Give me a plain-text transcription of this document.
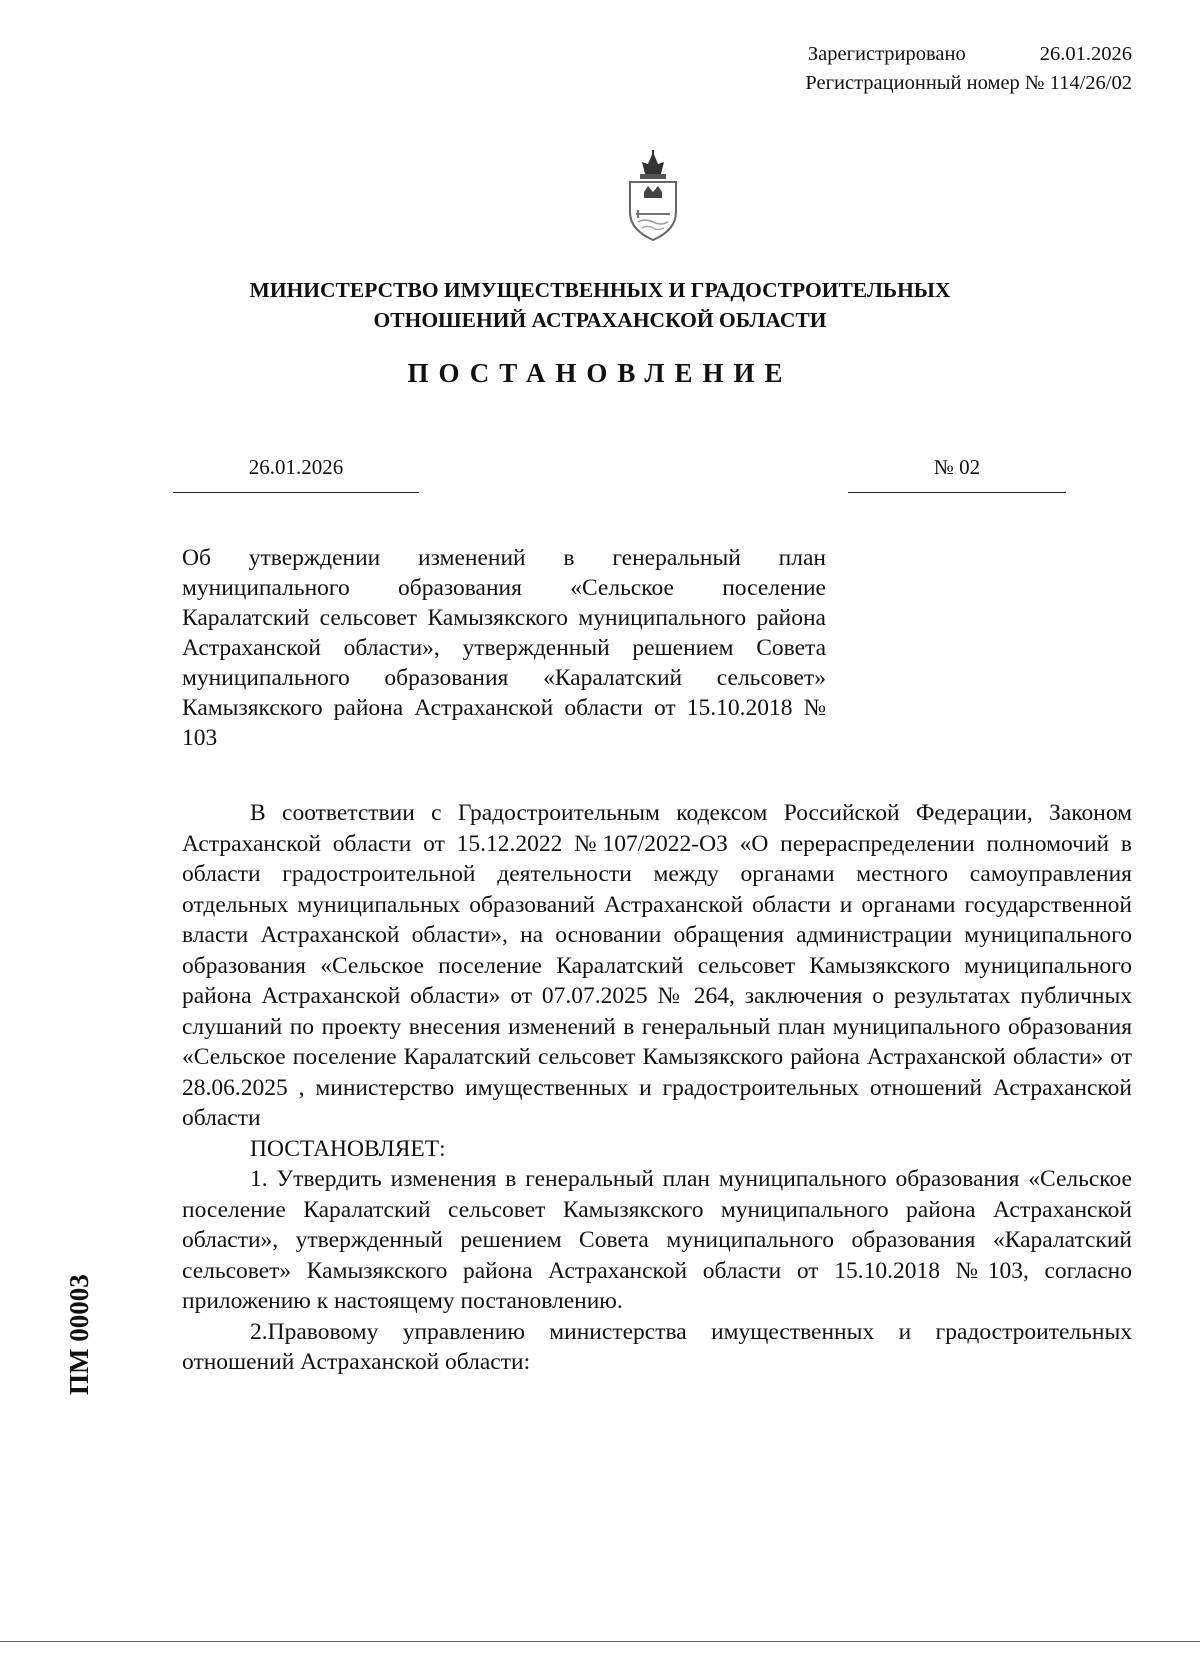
Зарегистрировано	26.01.2026
Регистрационный номер № 114/26/02
МИНИСТЕРСТВО ИМУЩЕСТВЕННЫХ И ГРАДОСТРОИТЕЛЬНЫХ
ОТНОШЕНИЙ АСТРАХАНСКОЙ ОБЛАСТИ
ПОСТАНОВЛЕНИЕ
26.01.2026	№ 02
Об утверждении изменений в генеральный план муниципального образования «Сельское поселение Каралатский сельсовет Камызякского муниципального района Астраханской области», утвержденный решением Совета муниципального образования «Каралатский сельсовет» Камызякского района Астраханской области от 15.10.2018 № 103

В соответствии с Градостроительным кодексом Российской Федерации, Законом Астраханской области от 15.12.2022 №107/2022-ОЗ «О перераспределении полномочий в области градостроительной деятельности между органами местного самоуправления отдельных муниципальных образований Астраханской области и органами государственной власти Астраханской области», на основании обращения администрации муниципального образования «Сельское поселение Каралатский сельсовет Камызякского муниципального района Астраханской области» от 07.07.2025 № 264, заключения о результатах публичных слушаний по проекту внесения изменений в генеральный план муниципального образования «Сельское поселение Каралатский сельсовет Камызякского района Астраханской области» от 28.06.2025 , министерство имущественных и градостроительных отношений Астраханской области

ПОСТАНОВЛЯЕТ:

1. Утвердить изменения в генеральный план муниципального образования «Сельское поселение Каралатский сельсовет Камызякского муниципального района Астраханской области», утвержденный решением Совета муниципального образования «Каралатский сельсовет» Камызякского района Астраханской области от 15.10.2018 №103, согласно приложению к настоящему постановлению.

2.Правовому управлению министерства имущественных и градостроительных отношений Астраханской области:

ПМ 00003
